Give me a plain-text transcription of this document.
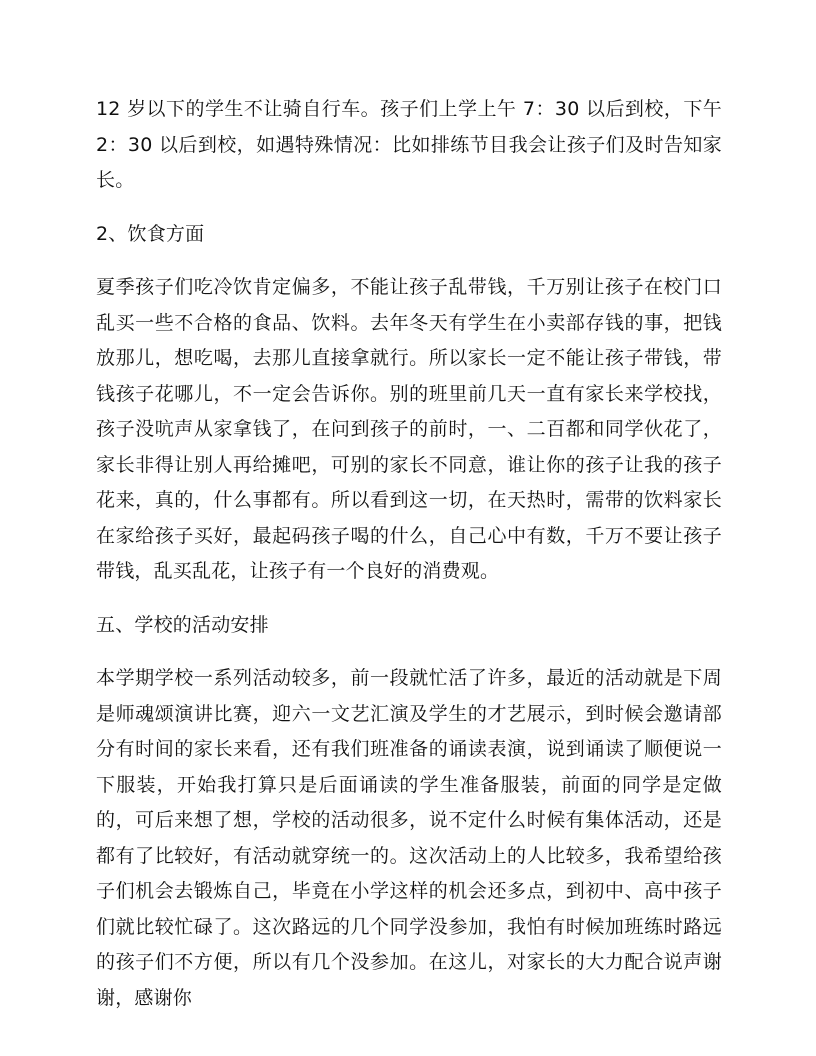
12 岁以下的学生不让骑自行车。孩子们上学上午 7：30 以后到校，下午 2：30 以后到校，如遇特殊情况：比如排练节目我会让孩子们及时告知家长。

2、饮食方面

夏季孩子们吃冷饮肯定偏多，不能让孩子乱带钱，千万别让孩子在校门口乱买一些不合格的食品、饮料。去年冬天有学生在小卖部存钱的事，把钱放那儿，想吃喝，去那儿直接拿就行。所以家长一定不能让孩子带钱，带钱孩子花哪儿，不一定会告诉你。别的班里前几天一直有家长来学校找，孩子没吭声从家拿钱了，在问到孩子的前时，一、二百都和同学伙花了，家长非得让别人再给摊吧，可别的家长不同意，谁让你的孩子让我的孩子花来，真的，什么事都有。所以看到这一切，在天热时，需带的饮料家长在家给孩子买好，最起码孩子喝的什么，自己心中有数，千万不要让孩子带钱，乱买乱花，让孩子有一个良好的消费观。

五、学校的活动安排

本学期学校一系列活动较多，前一段就忙活了许多，最近的活动就是下周是师魂颂演讲比赛，迎六一文艺汇演及学生的才艺展示，到时候会邀请部分有时间的家长来看，还有我们班准备的诵读表演，说到诵读了顺便说一下服装，开始我打算只是后面诵读的学生准备服装，前面的同学是定做的，可后来想了想，学校的活动很多，说不定什么时候有集体活动，还是都有了比较好，有活动就穿统一的。这次活动上的人比较多，我希望给孩子们机会去锻炼自己，毕竟在小学这样的机会还多点，到初中、高中孩子们就比较忙碌了。这次路远的几个同学没参加，我怕有时候加班练时路远的孩子们不方便，所以有几个没参加。在这儿，对家长的大力配合说声谢谢，感谢你
